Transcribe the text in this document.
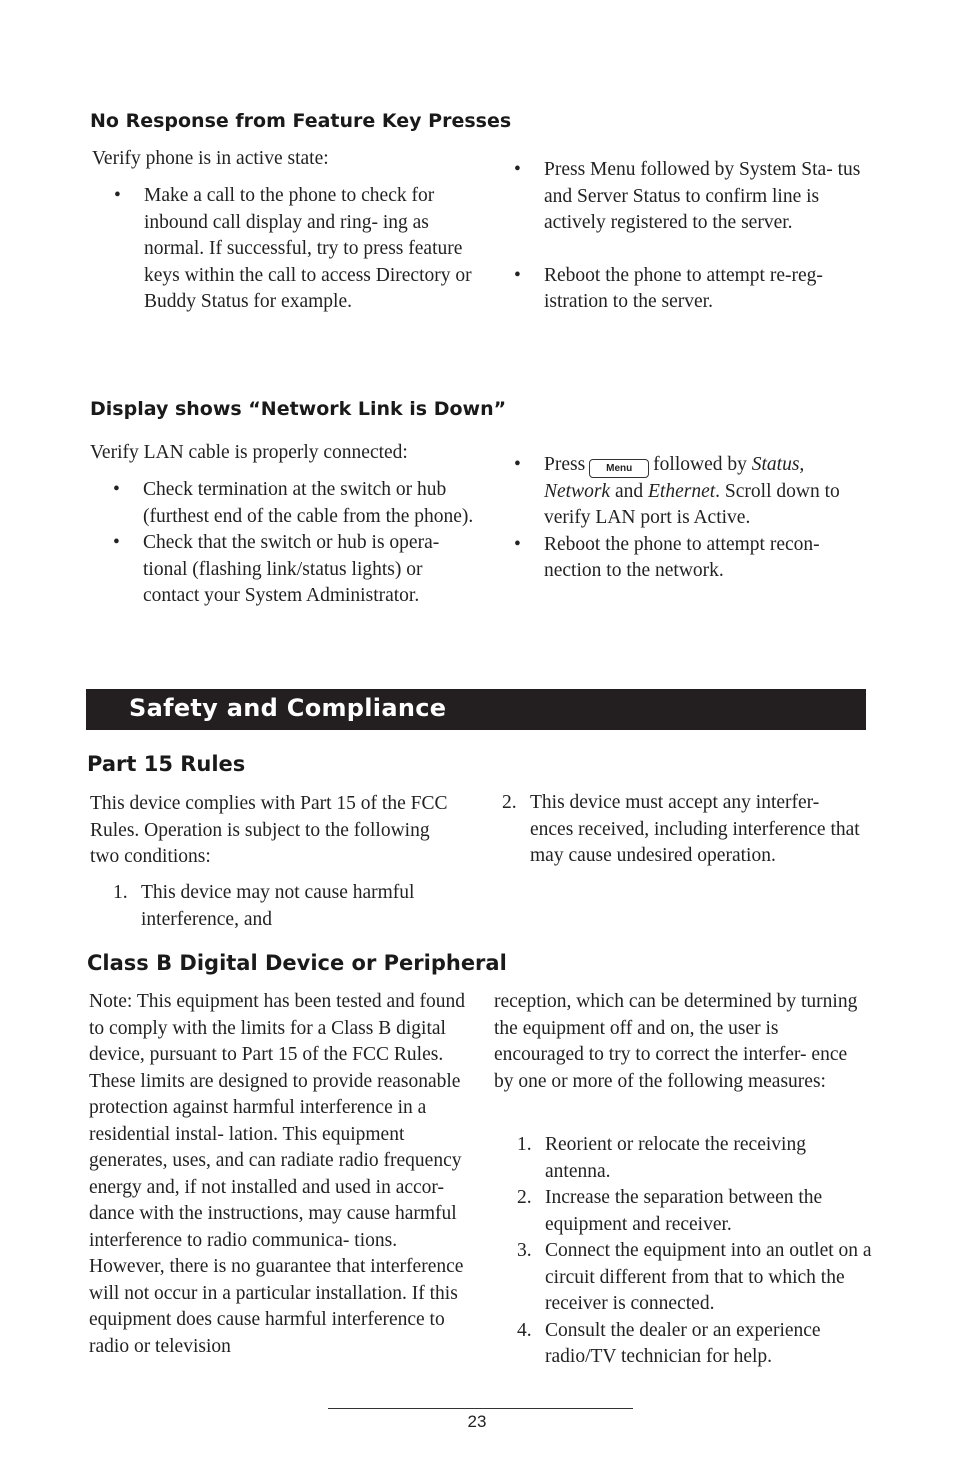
No Response from Feature Key Presses

Verify phone is in active state:

• Make a call to the phone to check for inbound call display and ring- ing as normal. If successful, try to press feature keys within the call to access Directory or Buddy Status for example.
• Press Menu followed by System Sta- tus and Server Status to confirm line is actively registered to the server.
• Reboot the phone to attempt re-reg- istration to the server.
Display shows “Network Link is Down”

Verify LAN cable is properly connected:

• Check termination at the switch or hub (furthest end of the cable from the phone).
• Check that the switch or hub is opera- tional (flashing link/status lights) or contact your System Administrator.
• Press Menu followed by Status, Network and Ethernet. Scroll down to verify LAN port is Active.
• Reboot the phone to attempt recon- nection to the network.
Safety and Compliance
Part 15 Rules

This device complies with Part 15 of the FCC Rules. Operation is subject to the following two conditions:

1. This device may not cause harmful interference, and
2. This device must accept any interfer- ences received, including interference that may cause undesired operation.
Class B Digital Device or Peripheral

Note: This equipment has been tested and found to comply with the limits for a Class B digital device, pursuant to Part 15 of the FCC Rules. These limits are designed to provide reasonable protection against harmful interference in a residential instal- lation. This equipment generates, uses, and can radiate radio frequency energy and, if not installed and used in accor- dance with the instructions, may cause harmful interference to radio communica- tions. However, there is no guarantee that interference will not occur in a particular installation. If this equipment does cause harmful interference to radio or television

reception, which can be determined by turning the equipment off and on, the user is encouraged to try to correct the interfer- ence by one or more of the following measures:

1. Reorient or relocate the receiving antenna.
2. Increase the separation between the equipment and receiver.
3. Connect the equipment into an outlet on a circuit different from that to which the receiver is connected.
4. Consult the dealer or an experience radio/TV technician for help.
23
